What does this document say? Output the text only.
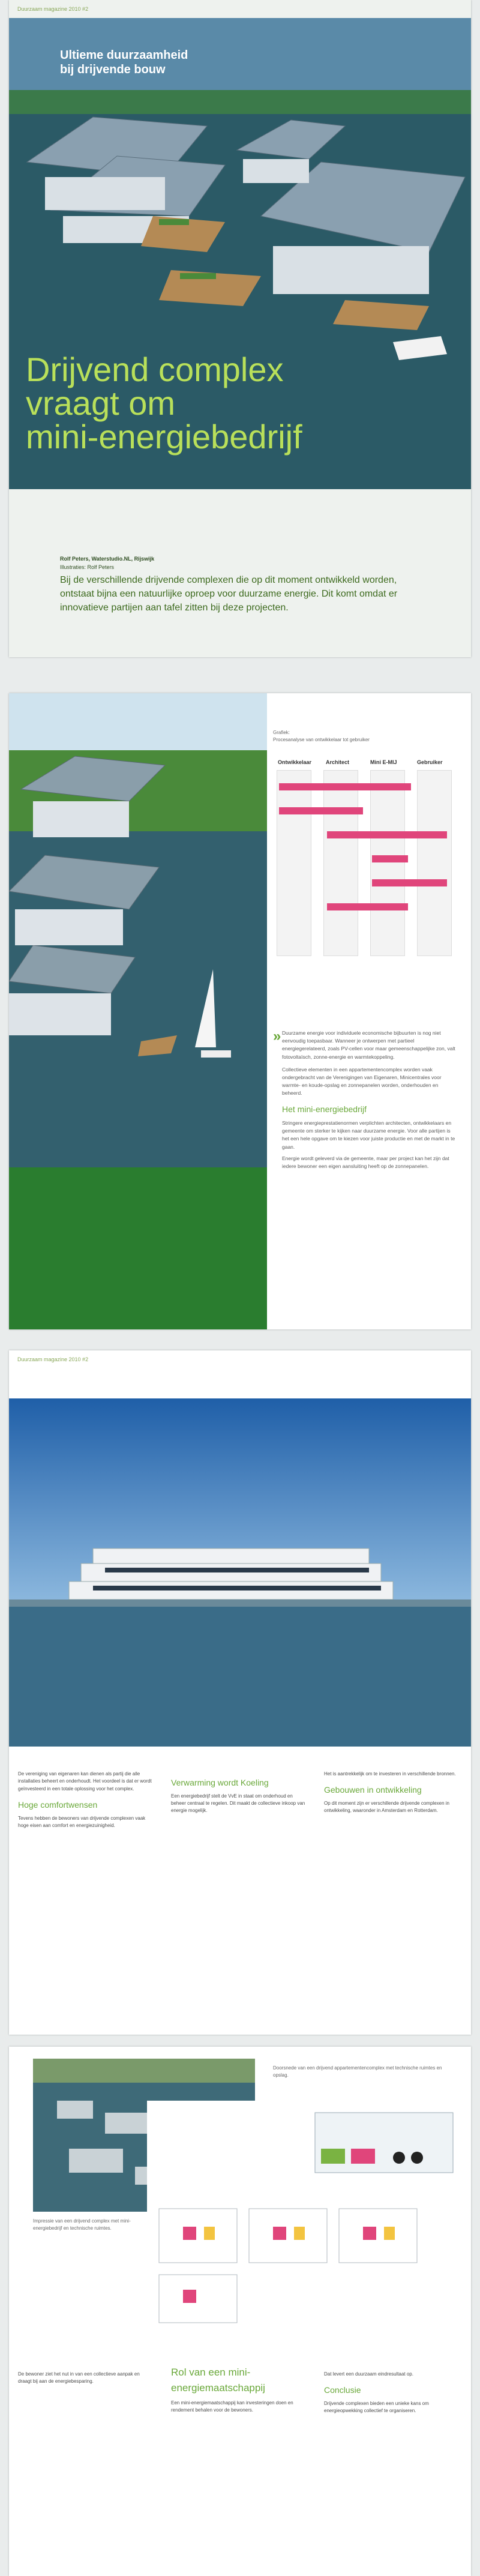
Duurzaam magazine 2010 #2
Ultieme duurzaamheid
bij drijvende bouw
Drijvend complex
vraagt om
mini-energiebedrijf
Rolf Peters, Waterstudio.NL, Rijswijk
Illustraties: Rolf Peters
Bij de verschillende drijvende complexen die op dit moment ontwikkeld worden, ontstaat bijna een natuurlijke oproep voor duurzame energie. Dit komt omdat er innovatieve partijen aan tafel zitten bij deze projecten.
Grafiek:
Procesanalyse van ontwikkelaar tot gebruiker
Ontwikkelaar	Architect	Mini E-MIJ	Gebruiker
» Duurzame energie voor individuele economische bijbuurten is nog niet eenvoudig toepasbaar. Wanneer je ontwerpen met partieel energiegerelateerd, zoals PV-cellen voor maar gemeenschappelijke zon, valt fotovoltaïsch, zonne-energie en warmtekoppeling.

Collectieve elementen in een appartementencomplex worden vaak ondergebracht van de Verenigingen van Eigenaren, Minicentrales voor warmte- en koude-opslag en zonnepanelen worden, onderhouden en beheerd.

Het mini-energiebedrijf

Stringere energieprestatienormen verplichten architecten, ontwikkelaars en gemeente om sterker te kijken naar duurzame energie. Voor alle partijen is het een hele opgave om te kiezen voor juiste productie en met de markt in te gaan.

Energie wordt geleverd via de gemeente, maar per project kan het zijn dat iedere bewoner een eigen aansluiting heeft op de zonnepanelen.

Duurzaam magazine 2010 #2

De vereniging van eigenaren kan dienen als partij die alle installaties beheert en onderhoudt. Het voordeel is dat er wordt geïnvesteerd in een totale oplossing voor het complex.

Hoge comfortwensen

Tevens hebben de bewoners van drijvende complexen vaak hoge eisen aan comfort en energiezuinigheid.

Verwarming wordt Koeling

Een energiebedrijf stelt de VvE in staat om onderhoud en beheer centraal te regelen. Dit maakt de collectieve inkoop van energie mogelijk.

Het is aantrekkelijk om te investeren in verschillende bronnen.

Gebouwen in ontwikkeling

Op dit moment zijn er verschillende drijvende complexen in ontwikkeling, waaronder in Amsterdam en Rotterdam.

Impressie van een drijvend complex met mini-energiebedrijf en technische ruimtes.
Doorsnede van een drijvend appartementencomplex met technische ruimtes en opslag.

De bewoner ziet het nut in van een collectieve aanpak en draagt bij aan de energiebesparing.

Rol van een mini-energiemaatschappij

Een mini-energiemaatschappij kan investeringen doen en rendement behalen voor de bewoners.

Dat levert een duurzaam eindresultaat op.

Conclusie

Drijvende complexen bieden een unieke kans om energieopwekking collectief te organiseren.
